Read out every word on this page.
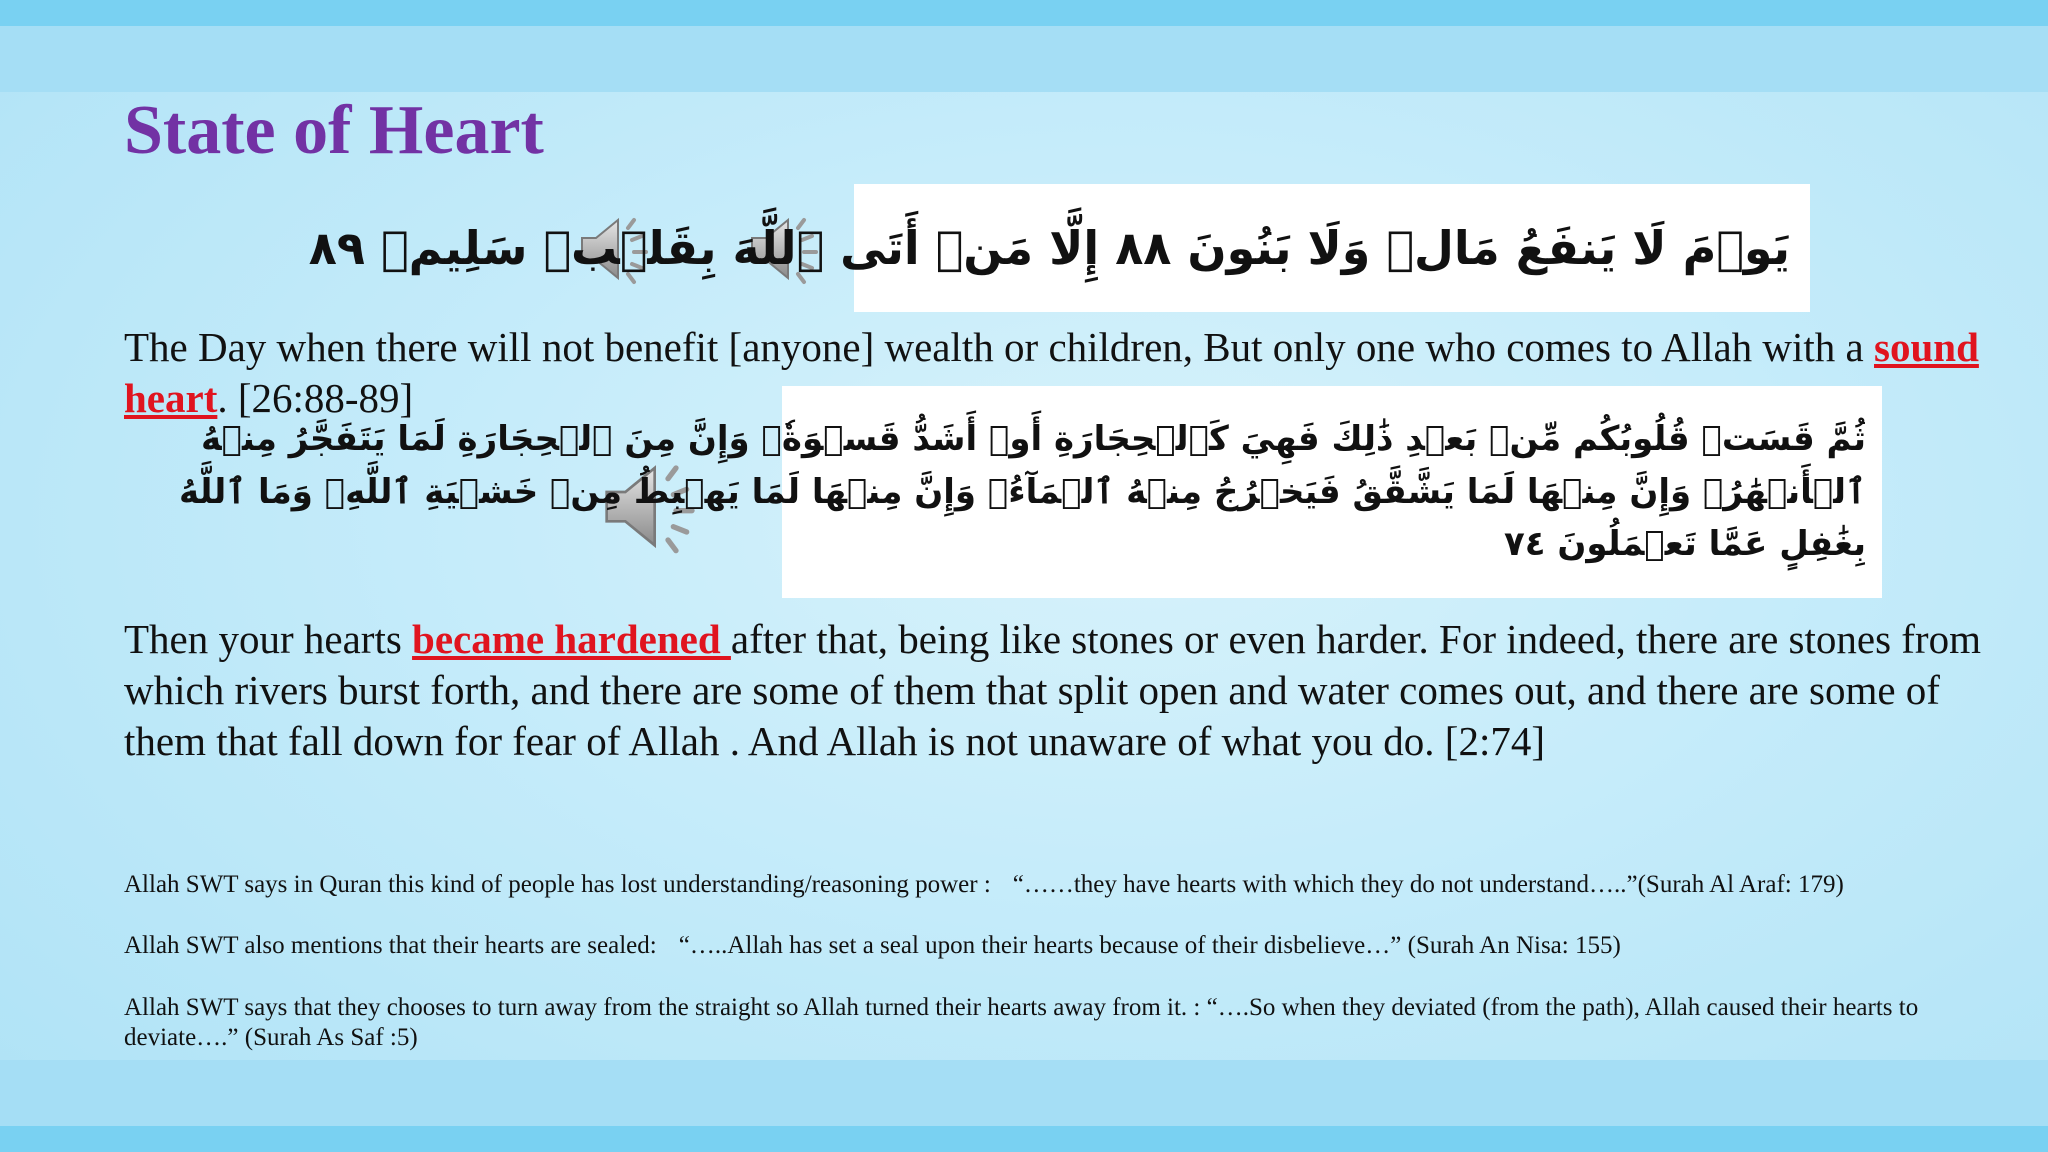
State of Heart
يَوۡمَ لَا يَنفَعُ مَالٞ وَلَا بَنُونَ ٨٨ إِلَّا مَنۡ أَتَى ٱللَّهَ بِقَلۡبٖ سَلِيمٖ ٨٩
ثُمَّ قَسَتۡ قُلُوبُكُم مِّنۢ بَعۡدِ ذَٰلِكَ فَهِيَ كَٱلۡحِجَارَةِ أَوۡ أَشَدُّ قَسۡوَةٗۚ وَإِنَّ مِنَ ٱلۡحِجَارَةِ لَمَا يَتَفَجَّرُ مِنۡهُ
ٱلۡأَنۡهَٰرُۚ وَإِنَّ مِنۡهَا لَمَا يَشَّقَّقُ فَيَخۡرُجُ مِنۡهُ ٱلۡمَآءُۚ وَإِنَّ مِنۡهَا لَمَا يَهۡبِطُ مِنۡ خَشۡيَةِ ٱللَّهِۗ وَمَا ٱللَّهُ
بِغَٰفِلٍ عَمَّا تَعۡمَلُونَ ٧٤

The Day when there will not benefit [anyone] wealth or children, But only one who comes to Allah with a sound heart. [26:88-89]

Then your hearts became hardened after that, being like stones or even harder. For indeed, there are stones from which rivers burst forth, and there are some of them that split open and water comes out, and there are some of them that fall down for fear of Allah . And Allah is not unaware of what you do. [2:74]

Allah SWT says in Quran this kind of people has lost understanding/reasoning power : “……they have hearts with which they do not understand…..”(Surah Al Araf: 179)

Allah SWT also mentions that their hearts are sealed: “…..Allah has set a seal upon their hearts because of their disbelieve…” (Surah An Nisa: 155)

Allah SWT says that they chooses to turn away from the straight so Allah turned their hearts away from it. : “….So when they deviated (from the path), Allah caused their hearts to deviate….” (Surah As Saf :5)
